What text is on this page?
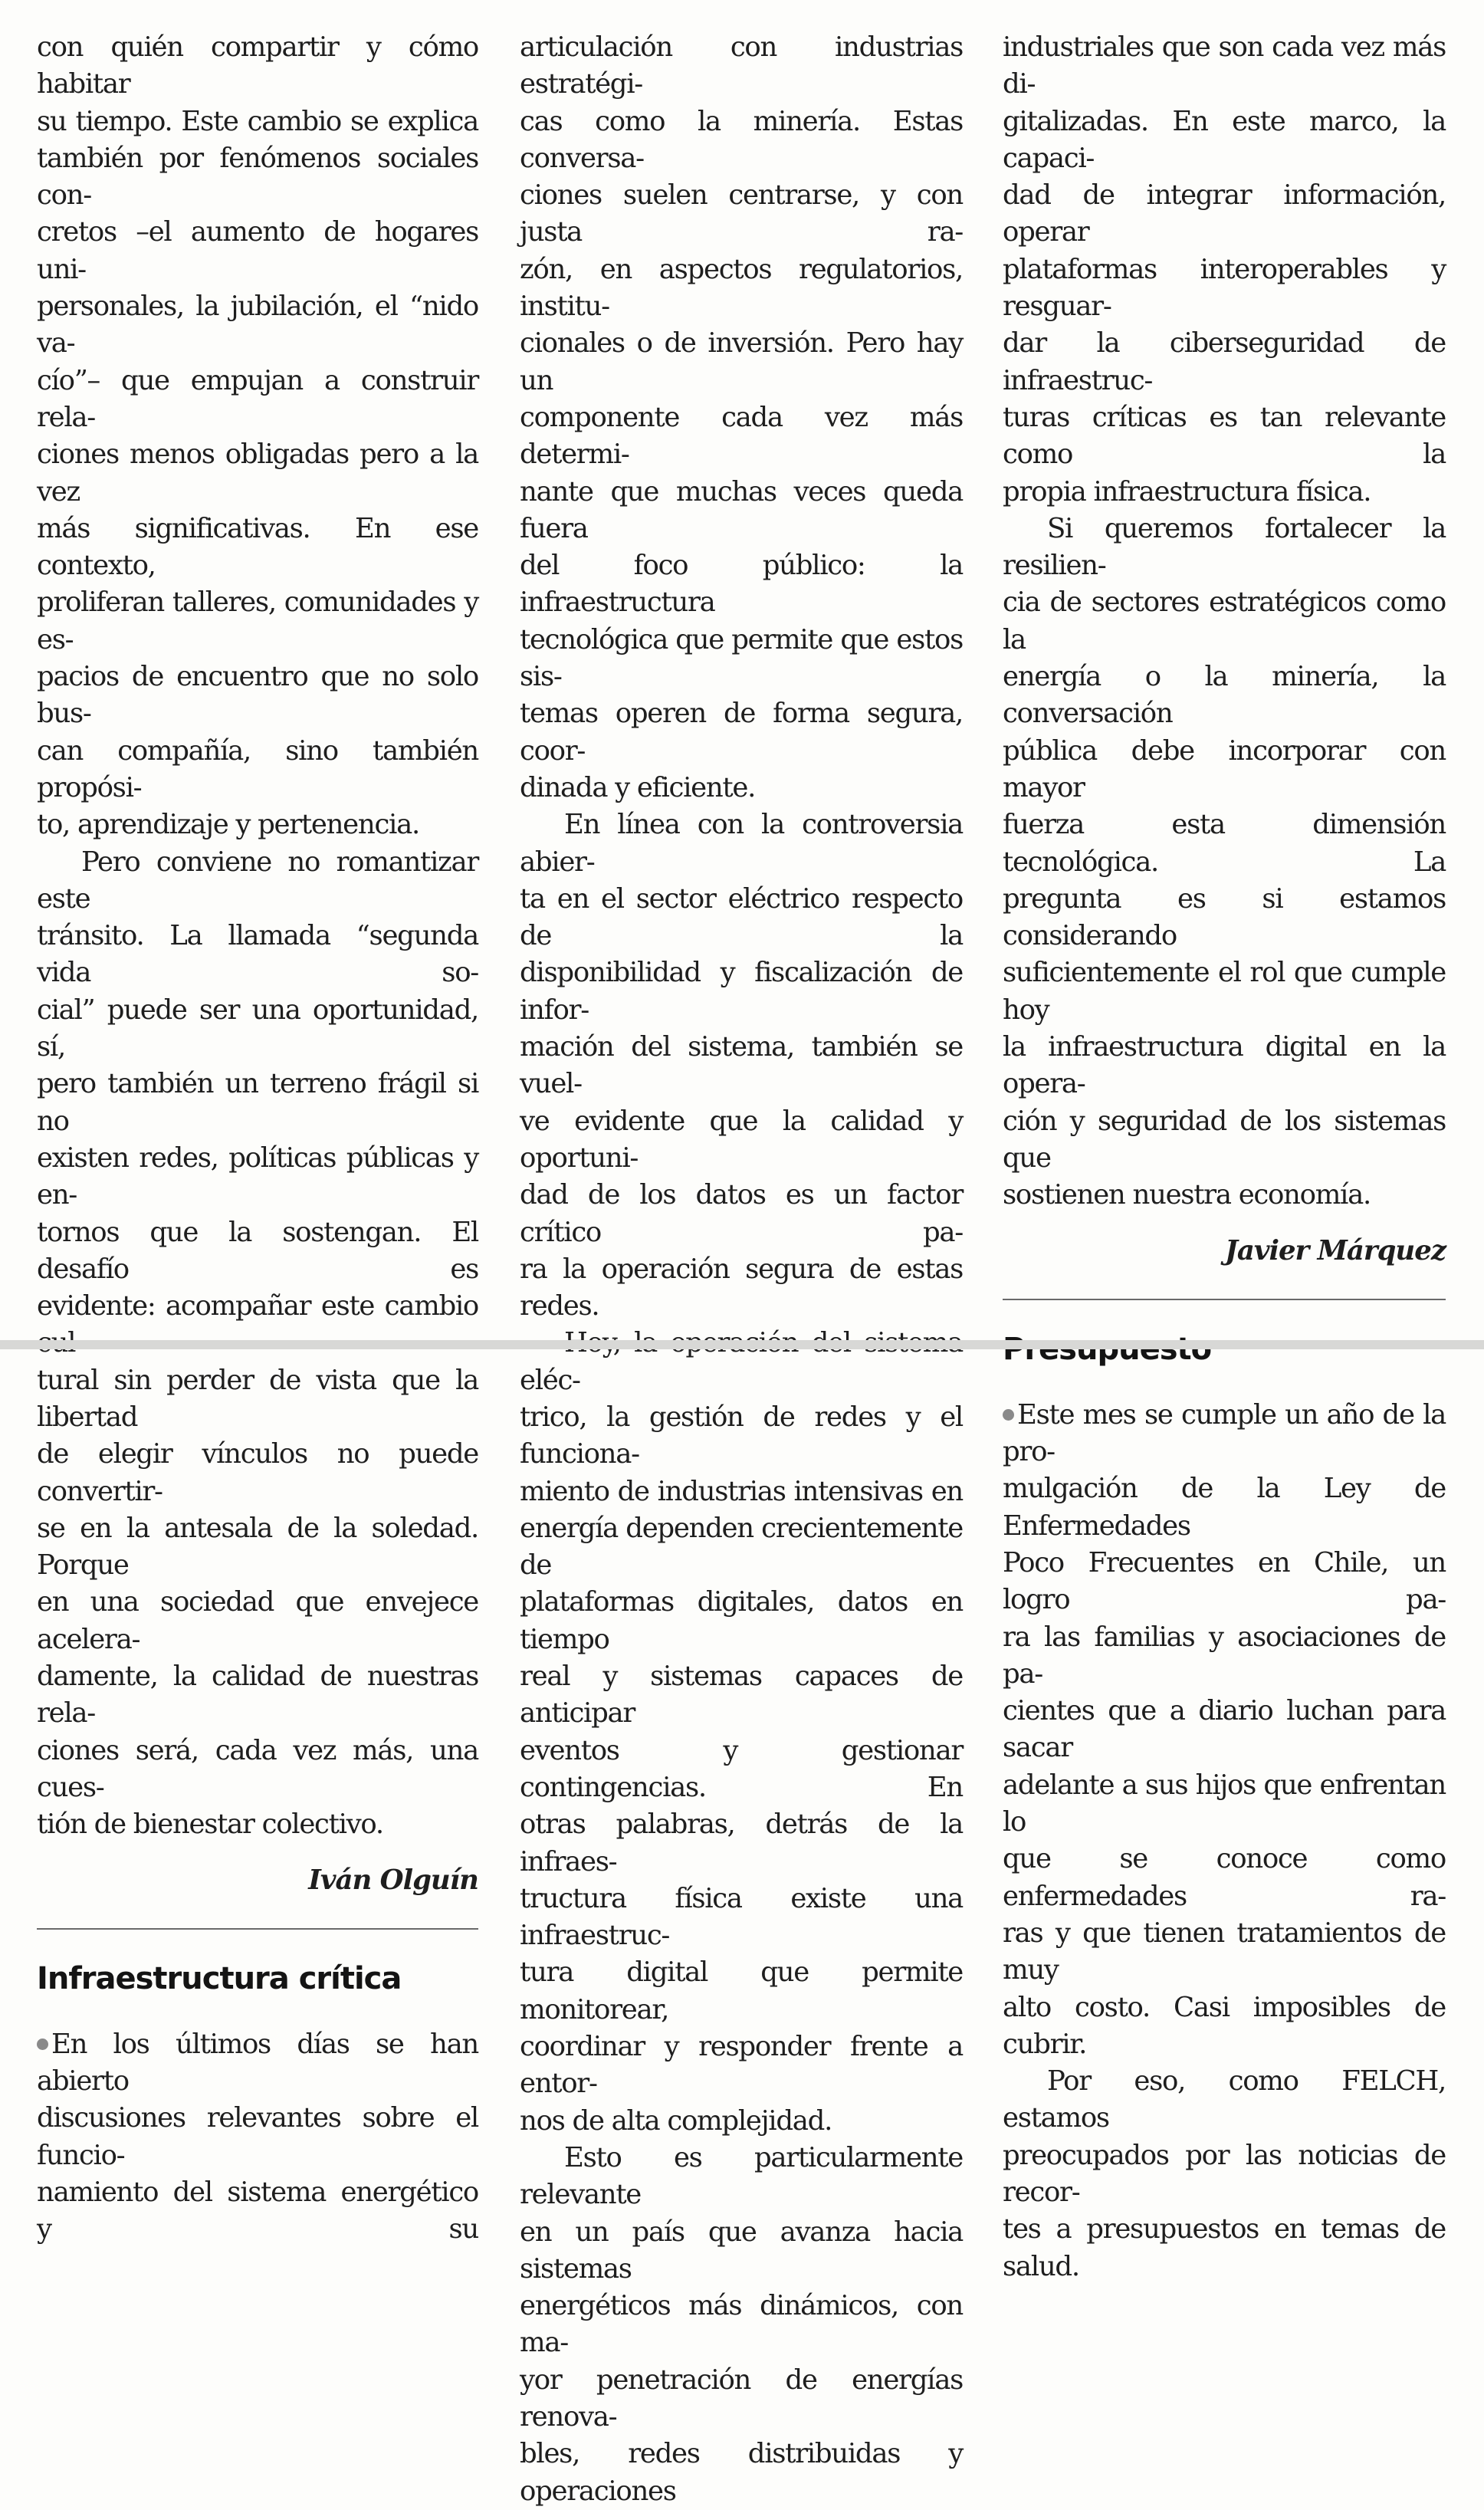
con quién compartir y cómo habitar

su tiempo. Este cambio se explica

también por fenómenos sociales con-

cretos –el aumento de hogares uni-

personales, la jubilación, el “nido va-

cío”– que empujan a construir rela-

ciones menos obligadas pero a la vez

más significativas. En ese contexto,

proliferan talleres, comunidades y es-

pacios de encuentro que no solo bus-

can compañía, sino también propósi-

to, aprendizaje y pertenencia.

Pero conviene no romantizar este

tránsito. La llamada “segunda vida so-

cial” puede ser una oportunidad, sí,

pero también un terreno frágil si no

existen redes, políticas públicas y en-

tornos que la sostengan. El desafío es

evidente: acompañar este cambio

tural sin perder de vista que la libertad

de elegir vínculos no puede convertir-

se en la antesala de la soledad. Porque

en una sociedad que envejece acelera-

damente, la calidad de nuestras rela-

ciones será, cada vez más, una cues-

tión de bienestar colectivo.

Iván Olguín

Infraestructura crítica

En los últimos días se han abierto

discusiones relevantes sobre el funcio-

namiento del sistema energético y su

articulación con industrias estratégi-

cas como la minería. Estas conversa-

ciones suelen centrarse, y con justa ra-

zón, en aspectos regulatorios, institu-

cionales o de inversión. Pero hay un

componente cada vez más determi-

nante que muchas veces queda fuera

del foco público: la infraestructura

tecnológica que permite que estos sis-

temas operen de forma segura, coor-

dinada y eficiente.

En línea con la controversia abier-

ta en el sector eléctrico respecto de la

disponibilidad y fiscalización de infor-

mación del sistema, también se vuel-

ve evidente que la calidad y oportuni-

dad de los datos es un factor crítico pa-

ra la operación segura de estas redes.

eléc-

trico, la gestión de redes y el funciona-

miento de industrias intensivas en

energía dependen crecientemente de

plataformas digitales, datos en tiempo

real y sistemas capaces de anticipar

eventos y gestionar contingencias. En

otras palabras, detrás de la infraes-

tructura física existe una infraestruc-

tura digital que permite monitorear,

coordinar y responder frente a entor-

nos de alta complejidad.

Esto es particularmente relevante

en un país que avanza hacia sistemas

energéticos más dinámicos, con ma-

yor penetración de energías renova-

bles, redes distribuidas y operaciones

industriales que son cada vez más di-

gitalizadas. En este marco, la capaci-

dad de integrar información, operar

plataformas interoperables y resguar-

dar la ciberseguridad de infraestruc-

turas críticas es tan relevante como la

propia infraestructura física.

Si queremos fortalecer la resilien-

cia de sectores estratégicos como la

energía o la minería, la conversación

pública debe incorporar con mayor

fuerza esta dimensión tecnológica. La

pregunta es si estamos considerando

suficientemente el rol que cumple hoy

la infraestructura digital en la opera-

ción y seguridad de los sistemas que

sostienen nuestra economía.

Javier Márquez

Este mes se cumple un año de la pro-

mulgación de la Ley de Enfermedades

Poco Frecuentes en Chile, un logro pa-

ra las familias y asociaciones de pa-

cientes que a diario luchan para sacar

adelante a sus hijos que enfrentan lo

que se conoce como enfermedades ra-

ras y que tienen tratamientos de muy

alto costo. Casi imposibles de cubrir.

Por eso, como FELCH, estamos

preocupados por las noticias de recor-

tes a presupuestos en temas de salud.
